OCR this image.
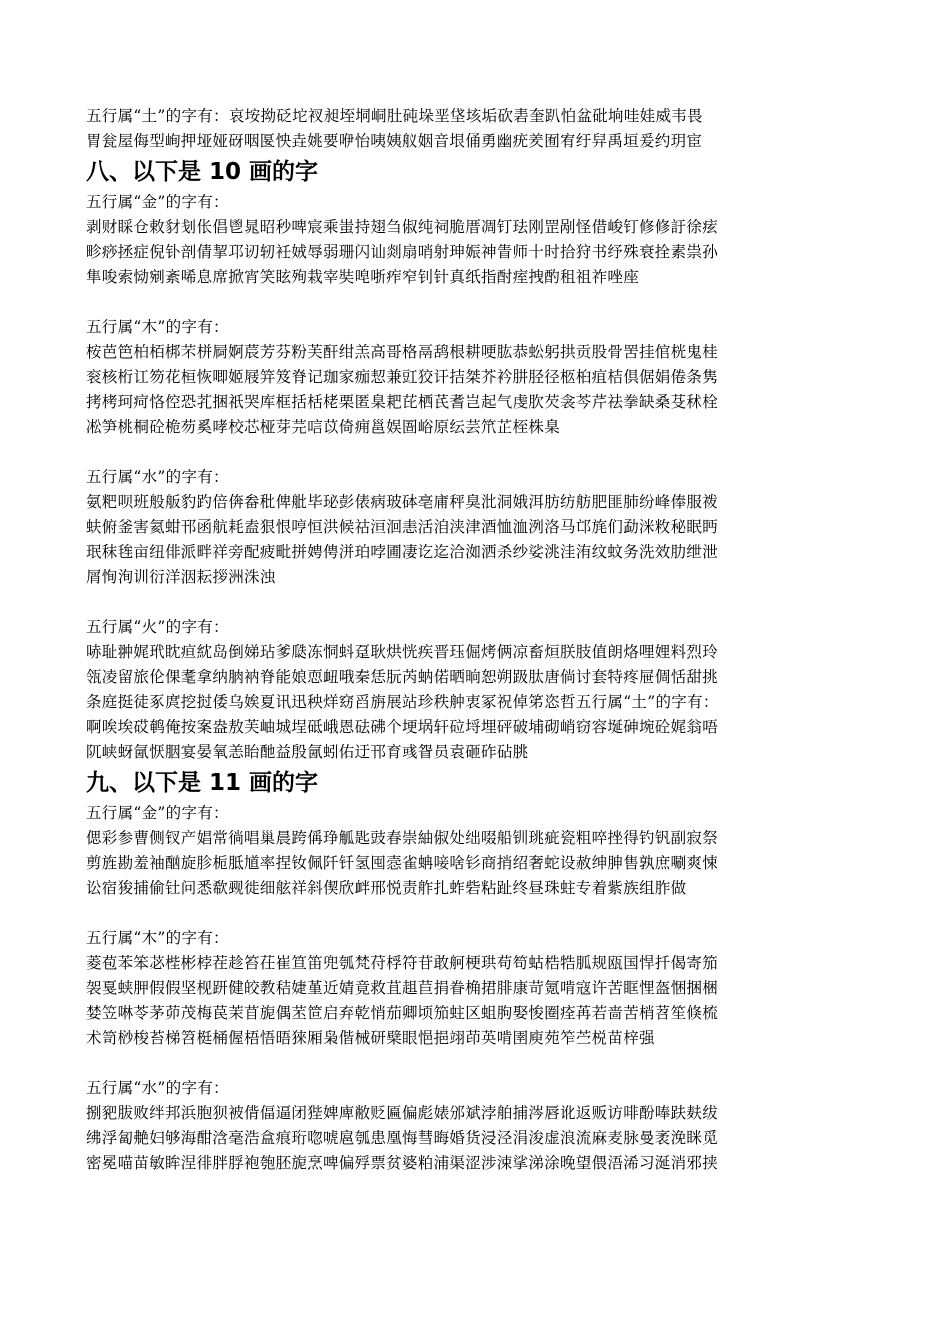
五行属“土”的字有：哀垵拗砭坨衩昶垤垌峒肚砘垛垩垡垓垢砍砉奎趴怕盆砒垧哇娃威韦畏

胃瓮屋侮型峋押垭娅砑咽匽怏垚姚要咿怡咦姨舣姻音垠俑勇幽疣羑囿宥纡舁禹垣爰约玥宦

八、以下是 10 画的字

五行属“金”的字有：

剥财睬仓敕豺刬伥倡鬯晁昭秒啤宸乘蚩持翅刍俶纯祠脆厝凋钉珐刚罡剐怪借峻钉修修訏徐痃

畛痧拯症倪钋剖倩挈邛讱轫衽娀辱弱珊闪讪剡扇哨射珅娠神眚师十时拾狩书纾殊衰拴素祟孙

隼唆索恸剜紊唏息席掀宵笑眩殉栽宰奘唣哳痄窄钊针真纸指酎痓拽酌租祖祚唑座

五行属“木”的字有：

桉芭笆柏栢梆芣栟屙婀莀芳芬粉芙酐绀羔高哥格鬲鸹根耕哽肱恭蚣躬拱贡股骨罟挂倌桄鬼桂

衮核桁讧笏花桓恢唧姬屐笄笈脊记珈家痂恝兼豇狡讦拮桀芥衿肼胫径柩桕疽桔倶倨娟倦条隽

拷栲珂疴恪倥恐芤捆祇哭库框括栝栳栗匿臬耙芘栖芪耆岂起气虔肷芡衾芩芹祛拳缺桑芟秫栓

凇笋桃桐砼桅芴奚哮校芯桠芽芫唁苡倚痈邕娱圄峪原纭芸笊芷桎株臬

五行属“水”的字有：

氨粑呗班般舨豹趵倍倴畚秕俾舭毕珌彭俵病玻砵亳庯秤臭沘洞娥洱肪纺舫肥匪肺纷峰俸服袯

蚨俯釜害氦蚶邗函航耗盍狠恨哼恒洪候祜洹洄恚活洎浃津酒恤洫洌洛马邙旄们勐洣敉秘眠眄

珉秣毪亩纽俳派畔祥旁配疲毗拼娉俜洴珀哱圃凄讫迄洽洳洒杀纱娑洮洼洧纹蚊务洗效肋绁泄

屑恂洵训衍洋洇耘拶洲洙浊

五行属“火”的字有：

哧耻翀娓玳眈疸紞岛倒娣玷爹瓞冻恫蚪趸耿烘恍疾晋珏倔烤俩凉畜烜朕肢值朗烙哩娌料烈玲

瓴凌留旅伦倮耄拿纳朒衲脊能娘恧衄哦秦恁朊芮蚋偌晒晌恕朔趿肽唐倘讨套特疼屉倜恬甜挑

条庭挺徒豖庹挖挝倭乌娭夏讯迅秧烊窈舀旃展站珍秩舯衷冢祝倬笫恣哲五行属“土”的字有：

啊唉埃砹鹌俺按案盎敖芙岫城埕砥峨恩砝砩个埂埚轩砬埒埋砰破埔砌峭窃容埏砷埦砼娓翁唔

阢峡蚜氤恹胭宴晏氧恙眙酏益殷氤蚓佑迂邗育彧眢员袁砸砟砧朓

九、以下是 11 画的字

五行属“金”的字有：

偲彩参曹侧钗产娼常徜唱巢晨跨偁琤觚匙豉春崇紬俶处绌啜船钏珧疵瓷粗啐挫得钓钒副寂祭

剪旌勘羞袖酗旋胗栀胝馗率捏钕佩阡钎氢囤悫雀蚺唼啥钐商捎绍奢蛇设赦绅胂售孰庶唰爽悚

讼宿狻捕偷钍问悉欷觋徙细舷祥斜偰欣衅邢悦责舴扎蚱砦粘趾终昼珠蛀专着紫族组胙做

五行属“木”的字有：

菱苞苯笨苾梐彬桲茬趁笞茌崔笪笛兜瓠梵苻桴符苷敢舸梗珙苟笱蛄梏牿胍规瓯国悍扦偈寄笳

袈戛蛱胛假假坚枧趼健皎教秸婕堇近婧竟救苴趄苣捐眷桷捃腓康苛氪啃寇许苦眶悝盔悃捆梱

婪笠啉苓茅茆茂梅苠茉苜旎偶苤笸启弃乾悄茄卿顷笳蛀区蛆朐娶悛圈痊苒若啬苦梢苕笙倏梳

术笥桫梭苔梯笤梃桶偓梧悟晤猍厢枭偕械研檗眼悒挹翊茚英啃圉庾苑笮苎棁苗梓强

五行属“水”的字有：

捌豝胈败绊邦浜胞狈被偝偪逼闭狴婢庳敝贬匾偏彪婊邠斌浡舶捕涔唇讹返贩访啡酚唪趺麸绂

绋浮匐艴妇够海酣浛毫浩盒痕珩唿唬扈瓠患凰悔彗晦婚货浸泾涓浚虚浪流麻麦脉曼袤浼眯觅

密冕喵苗敏眸涅徘胖脬袍匏胚旎烹啤偏殍票贫婆粕浦渠涩涉涑挲涕涂晚望偎浯浠习涎消邪挟
